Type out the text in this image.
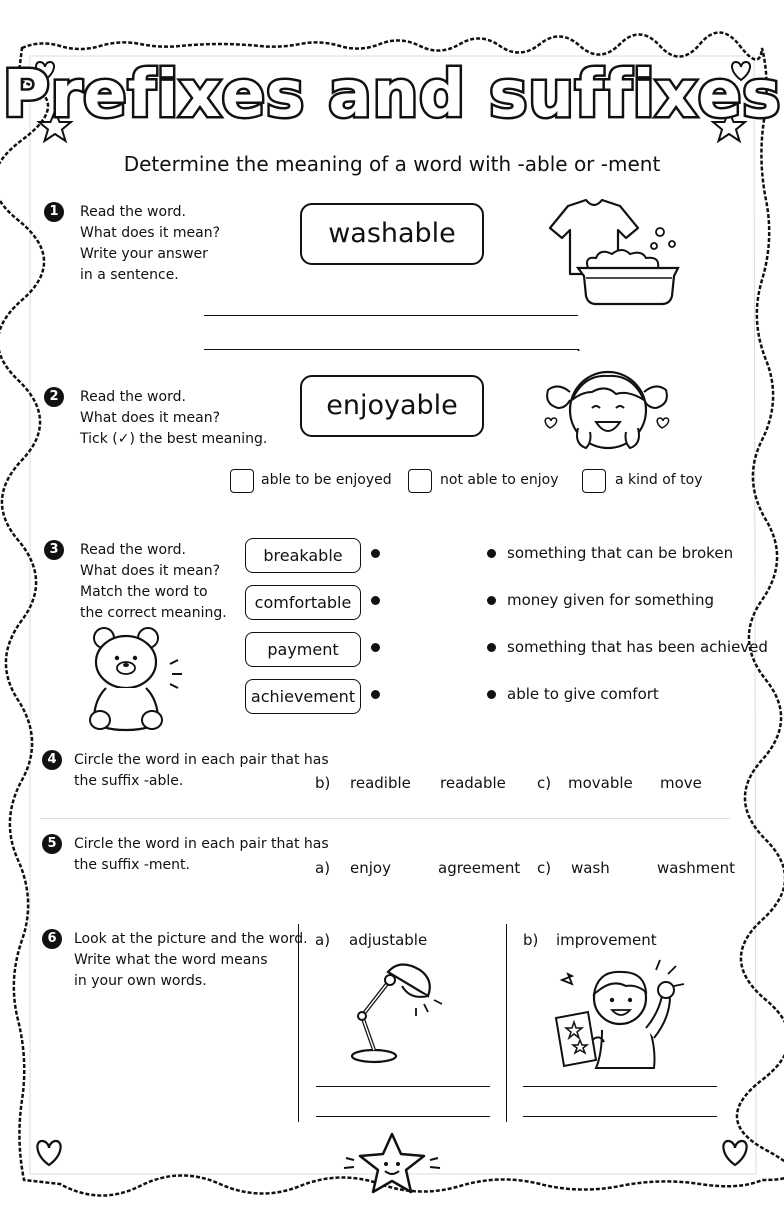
Prefixes and suffixes
Determine the meaning of a word with -able or -ment
1	Read the word.
What does it mean?
Write your answer
in a sentence.
washable
.
2	Read the word.
What does it mean?
Tick (✓) the best meaning.
enjoyable
able to be enjoyed	not able to enjoy	a kind of toy
3	Read the word.
What does it mean?
Match the word to
the correct meaning.
breakable
comfortable
payment
achievement
something that can be broken
money given for something
something that has been achieved
able to give comfort
4	Circle the word in each pair that has
the suffix -able.	b) readible readable c) movable move
5	Circle the word in each pair that has
the suffix -ment.	a) enjoy	agreement c) wash	washment
6	Look at the picture and the word.
Write what the word means
in your own words.
a) adjustable	b) improvement
